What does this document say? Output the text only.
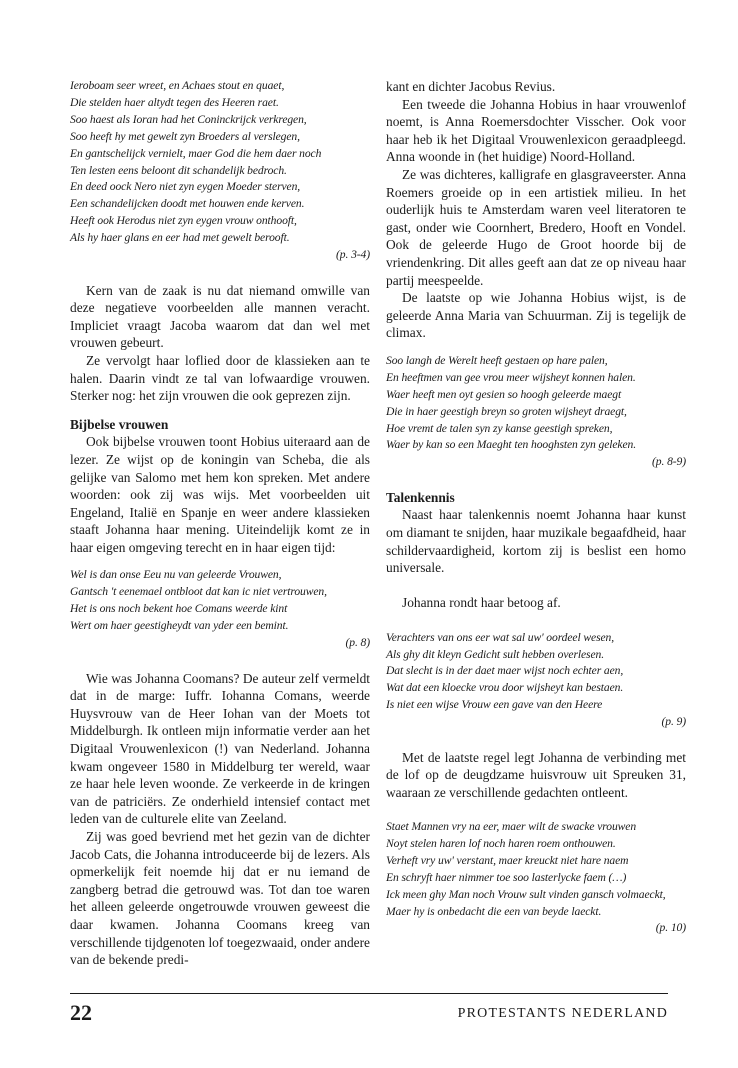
Ieroboam seer wreet, en Achaes stout en quaet,
Die stelden haer altydt tegen des Heeren raet.
Soo haest als Ioran had het Coninckrijck verkregen,
Soo heeft hy met gewelt zyn Broeders al verslegen,
En gantschelijck vernielt, maer God die hem daer noch
Ten lesten eens beloont dit schandelijk bedroch.
En deed oock Nero niet zyn eygen Moeder sterven,
Een schandelijcken doodt met houwen ende kerven.
Heeft ook Herodus niet zyn eygen vrouw onthooft,
Als hy haer glans en eer had met gewelt berooft.
(p. 3-4)

Kern van de zaak is nu dat niemand omwille van deze negatieve voorbeelden alle mannen veracht. Impliciet vraagt Jacoba waarom dat dan wel met vrouwen gebeurt.

Ze vervolgt haar loflied door de klassieken aan te halen. Daarin vindt ze tal van lofwaardige vrouwen. Sterker nog: het zijn vrouwen die ook geprezen zijn.

Bijbelse vrouwen

Ook bijbelse vrouwen toont Hobius uiteraard aan de lezer. Ze wijst op de koningin van Scheba, die als gelijke van Salomo met hem kon spreken. Met andere woorden: ook zij was wijs. Met voorbeelden uit Engeland, Italië en Spanje en weer andere klassieken staaft Johanna haar mening. Uiteindelijk komt ze in haar eigen omgeving terecht en in haar eigen tijd:

Wel is dan onse Eeu nu van geleerde Vrouwen,
Gantsch 't eenemael ontbloot dat kan ic niet vertrouwen,
Het is ons noch bekent hoe Comans weerde kint
Wert om haer geestigheydt van yder een bemint.
(p. 8)

Wie was Johanna Coomans? De auteur zelf vermeldt dat in de marge: Iuffr. Iohanna Comans, weerde Huysvrouw van de Heer Iohan van der Moets tot Middelburgh. Ik ontleen mijn informatie verder aan het Digitaal Vrouwenlexicon (!) van Nederland. Johanna kwam ongeveer 1580 in Middelburg ter wereld, waar ze haar hele leven woonde. Ze verkeerde in de kringen van de patriciërs. Ze onderhield intensief contact met leden van de culturele elite van Zeeland.

Zij was goed bevriend met het gezin van de dichter Jacob Cats, die Johanna introduceerde bij de lezers. Als opmerkelijk feit noemde hij dat er nu iemand de zangberg betrad die getrouwd was. Tot dan toe waren het alleen geleerde ongetrouwde vrouwen geweest die daar kwamen. Johanna Coomans kreeg van verschillende tijdgenoten lof toegezwaaid, onder andere van de bekende predi-

kant en dichter Jacobus Revius.

Een tweede die Johanna Hobius in haar vrouwenlof noemt, is Anna Roemersdochter Visscher. Ook voor haar heb ik het Digitaal Vrouwenlexicon geraadpleegd. Anna woonde in (het huidige) Noord-Holland.

Ze was dichteres, kalligrafe en glasgraveerster. Anna Roemers groeide op in een artistiek milieu. In het ouderlijk huis te Amsterdam waren veel literatoren te gast, onder wie Coornhert, Bredero, Hooft en Vondel. Ook de geleerde Hugo de Groot hoorde bij de vriendenkring. Dit alles geeft aan dat ze op niveau haar partij meespeelde.

De laatste op wie Johanna Hobius wijst, is de geleerde Anna Maria van Schuurman. Zij is tegelijk de climax.

Soo langh de Werelt heeft gestaen op hare palen,
En heeftmen van gee vrou meer wijsheyt konnen halen.
Waer heeft men oyt gesien so hoogh geleerde maegt
Die in haer geestigh breyn so groten wijsheyt draegt,
Hoe vremt de talen syn zy kanse geestigh spreken,
Waer by kan so een Maeght ten hooghsten zyn geleken.
(p. 8-9)
Talenkennis

Naast haar talenkennis noemt Johanna haar kunst om diamant te snijden, haar muzikale begaafdheid, haar schildervaardigheid, kortom zij is beslist een homo universale.

Johanna rondt haar betoog af.

Verachters van ons eer wat sal uw' oordeel wesen,
Als ghy dit kleyn Gedicht sult hebben overlesen.
Dat slecht is in der daet maer wijst noch echter aen,
Wat dat een kloecke vrou door wijsheyt kan bestaen.
Is niet een wijse Vrouw een gave van den Heere
(p. 9)

Met de laatste regel legt Johanna de verbinding met de lof op de deugdzame huisvrouw uit Spreuken 31, waaraan ze verschillende gedachten ontleent.

Staet Mannen vry na eer, maer wilt de swacke vrouwen
Noyt stelen haren lof noch haren roem onthouwen.
Verheft vry uw' verstant, maer kreuckt niet hare naem
En schryft haer nimmer toe soo lasterlycke faem (…)
Ick meen ghy Man noch Vrouw sult vinden gansch volmaeckt,
Maer hy is onbedacht die een van beyde laeckt.
(p. 10)
22	PROTESTANTS NEDERLAND
